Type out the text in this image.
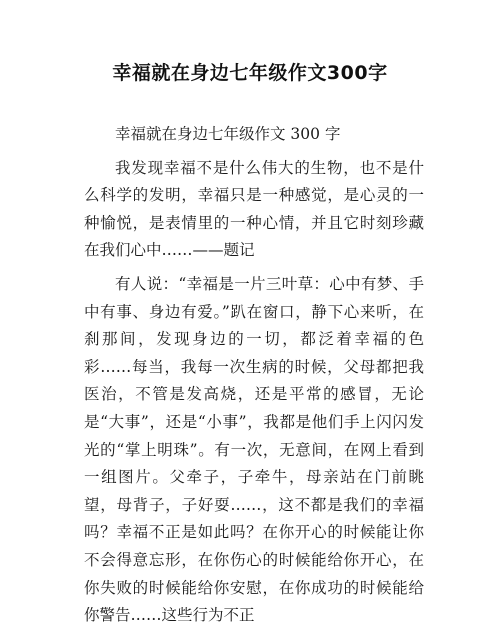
幸福就在身边七年级作文300字

幸福就在身边七年级作文 300 字

我发现幸福不是什么伟大的生物，也不是什么科学的发明，幸福只是一种感觉，是心灵的一种愉悦，是表情里的一种心情，并且它时刻珍藏在我们心中……——题记

有人说：“幸福是一片三叶草：心中有梦、手中有事、身边有爱。”趴在窗口，静下心来听，在刹那间，发现身边的一切，都泛着幸福的色彩……每当，我每一次生病的时候，父母都把我医治，不管是发高烧，还是平常的感冒，无论是“大事”，还是“小事”，我都是他们手上闪闪发光的“掌上明珠”。有一次，无意间，在网上看到一组图片。父牵子，子牵牛，母亲站在门前眺望，母背子，子好耍……，这不都是我们的幸福吗？幸福不正是如此吗？在你开心的时候能让你不会得意忘形，在你伤心的时候能给你开心，在你失败的时候能给你安慰，在你成功的时候能给你警告……这些行为不正
